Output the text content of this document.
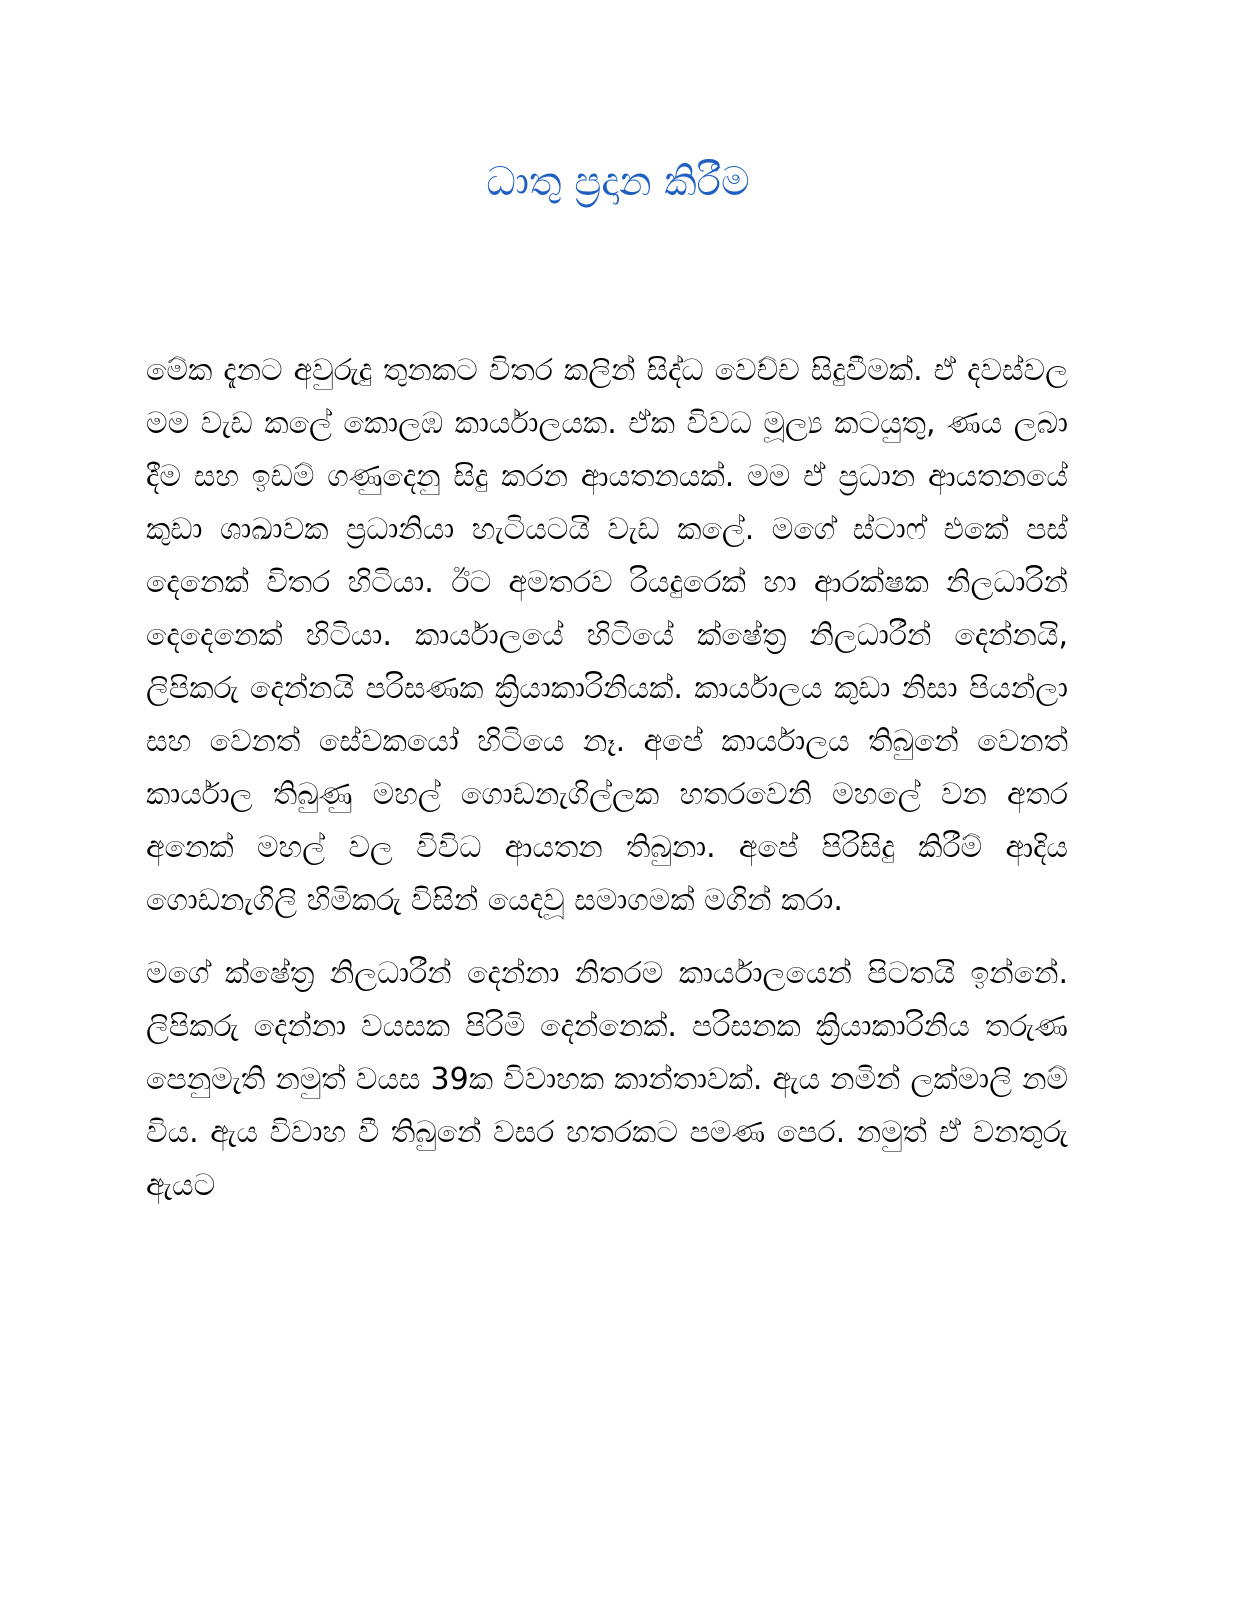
ධාතු ප්‍රදාන කිරීම

මේක දැනට අවුරුදු තුනකට විතර කලින් සිද්ධ වෙච්ච සිදුවීමක්. ඒ දවස්වල මම වැඩ කලේ කොලඹ කාර්යාලයක. ඒක විවධ මූල්‍ය කටයුතු, ණය ලබා දීම සහ ඉඩම් ගණුදෙනු සිදු කරන ආයතනයක්. මම ඒ ප්‍රධාන ආයතනයේ කුඩා ශාඛාවක ප්‍රධානියා හැටියටයි වැඩ කලේ. මගේ ස්ටාෆ් එකේ පස් දෙනෙක් විතර හිටියා. ඊට අමතරව රියදුරෙක් හා ආරක්ෂක නිලධාරින් දෙදෙනෙක් හිටියා. කාර්යාලයේ හිටියේ ක්ෂේත්‍ර නිලධාරීන් දෙන්නයි, ලිපිකරු දෙන්නයි පරිසණක ක්‍රියාකාරිනියක්. කාර්යාලය කුඩා නිසා පියන්ලා සහ වෙනත් සේවකයෝ හිටියෙ නෑ. අපේ කාර්යාලය තිබුනේ වෙනත් කාර්යාල තිබුණු මහල් ගොඩනැගිල්ලක හතරවෙනි මහලේ වන අතර අනෙක් මහල් වල විවිධ ආයතන තිබුනා. අපේ පිරිසිදු කිරීම් ආදිය ගොඩනැගිලි හිමිකරු විසින් යෙදවූ සමාගමක් මගින් කරා.

මගේ ක්ෂේත්‍ර නිලධාරීන් දෙන්නා නිතරම කාර්යාලයෙන් පිටතයි ඉන්නේ. ලිපිකරු දෙන්නා වයසක පිරිමි දෙන්නෙක්. පරිසනක ක්‍රියාකාරිනිය තරුණ පෙනුමැති නමුත් වයස 39ක විවාහක කාන්තාවක්. ඇය නමින් ලක්මාලි නම් විය. ඇය විවාහ වී තිබුනේ වසර හතරකට පමණ පෙර. නමුත් ඒ වනතුරු ඇයට
